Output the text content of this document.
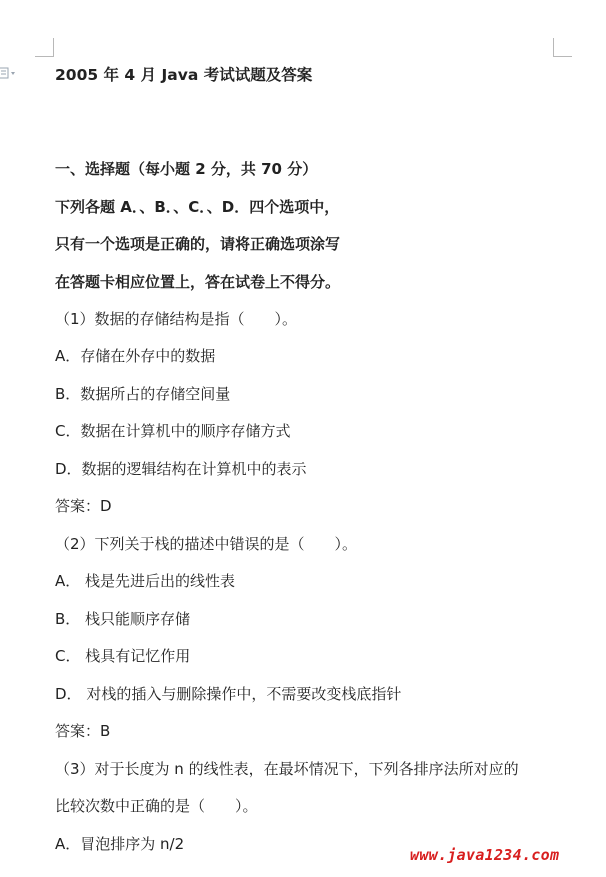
2005 年 4 月 Java 考试试题及答案
一、选择题（每小题 2 分，共 70 分）
下列各题 A．、B．、C．、D．四个选项中，
只有一个选项是正确的，请将正确选项涂写
在答题卡相应位置上，答在试卷上不得分。
（1）数据的存储结构是指（　　）。
A．存储在外存中的数据
B．数据所占的存储空间量
C．数据在计算机中的顺序存储方式
D．数据的逻辑结构在计算机中的表示
答案：D
（2）下列关于栈的描述中错误的是（　　）。
A． 栈是先进后出的线性表
B． 栈只能顺序存储
C． 栈具有记忆作用
D． 对栈的插入与删除操作中，不需要改变栈底指针
答案：B
（3）对于长度为 n 的线性表，在最坏情况下，下列各排序法所对应的
比较次数中正确的是（　　）。
A．冒泡排序为 n/2
www.java1234.com
